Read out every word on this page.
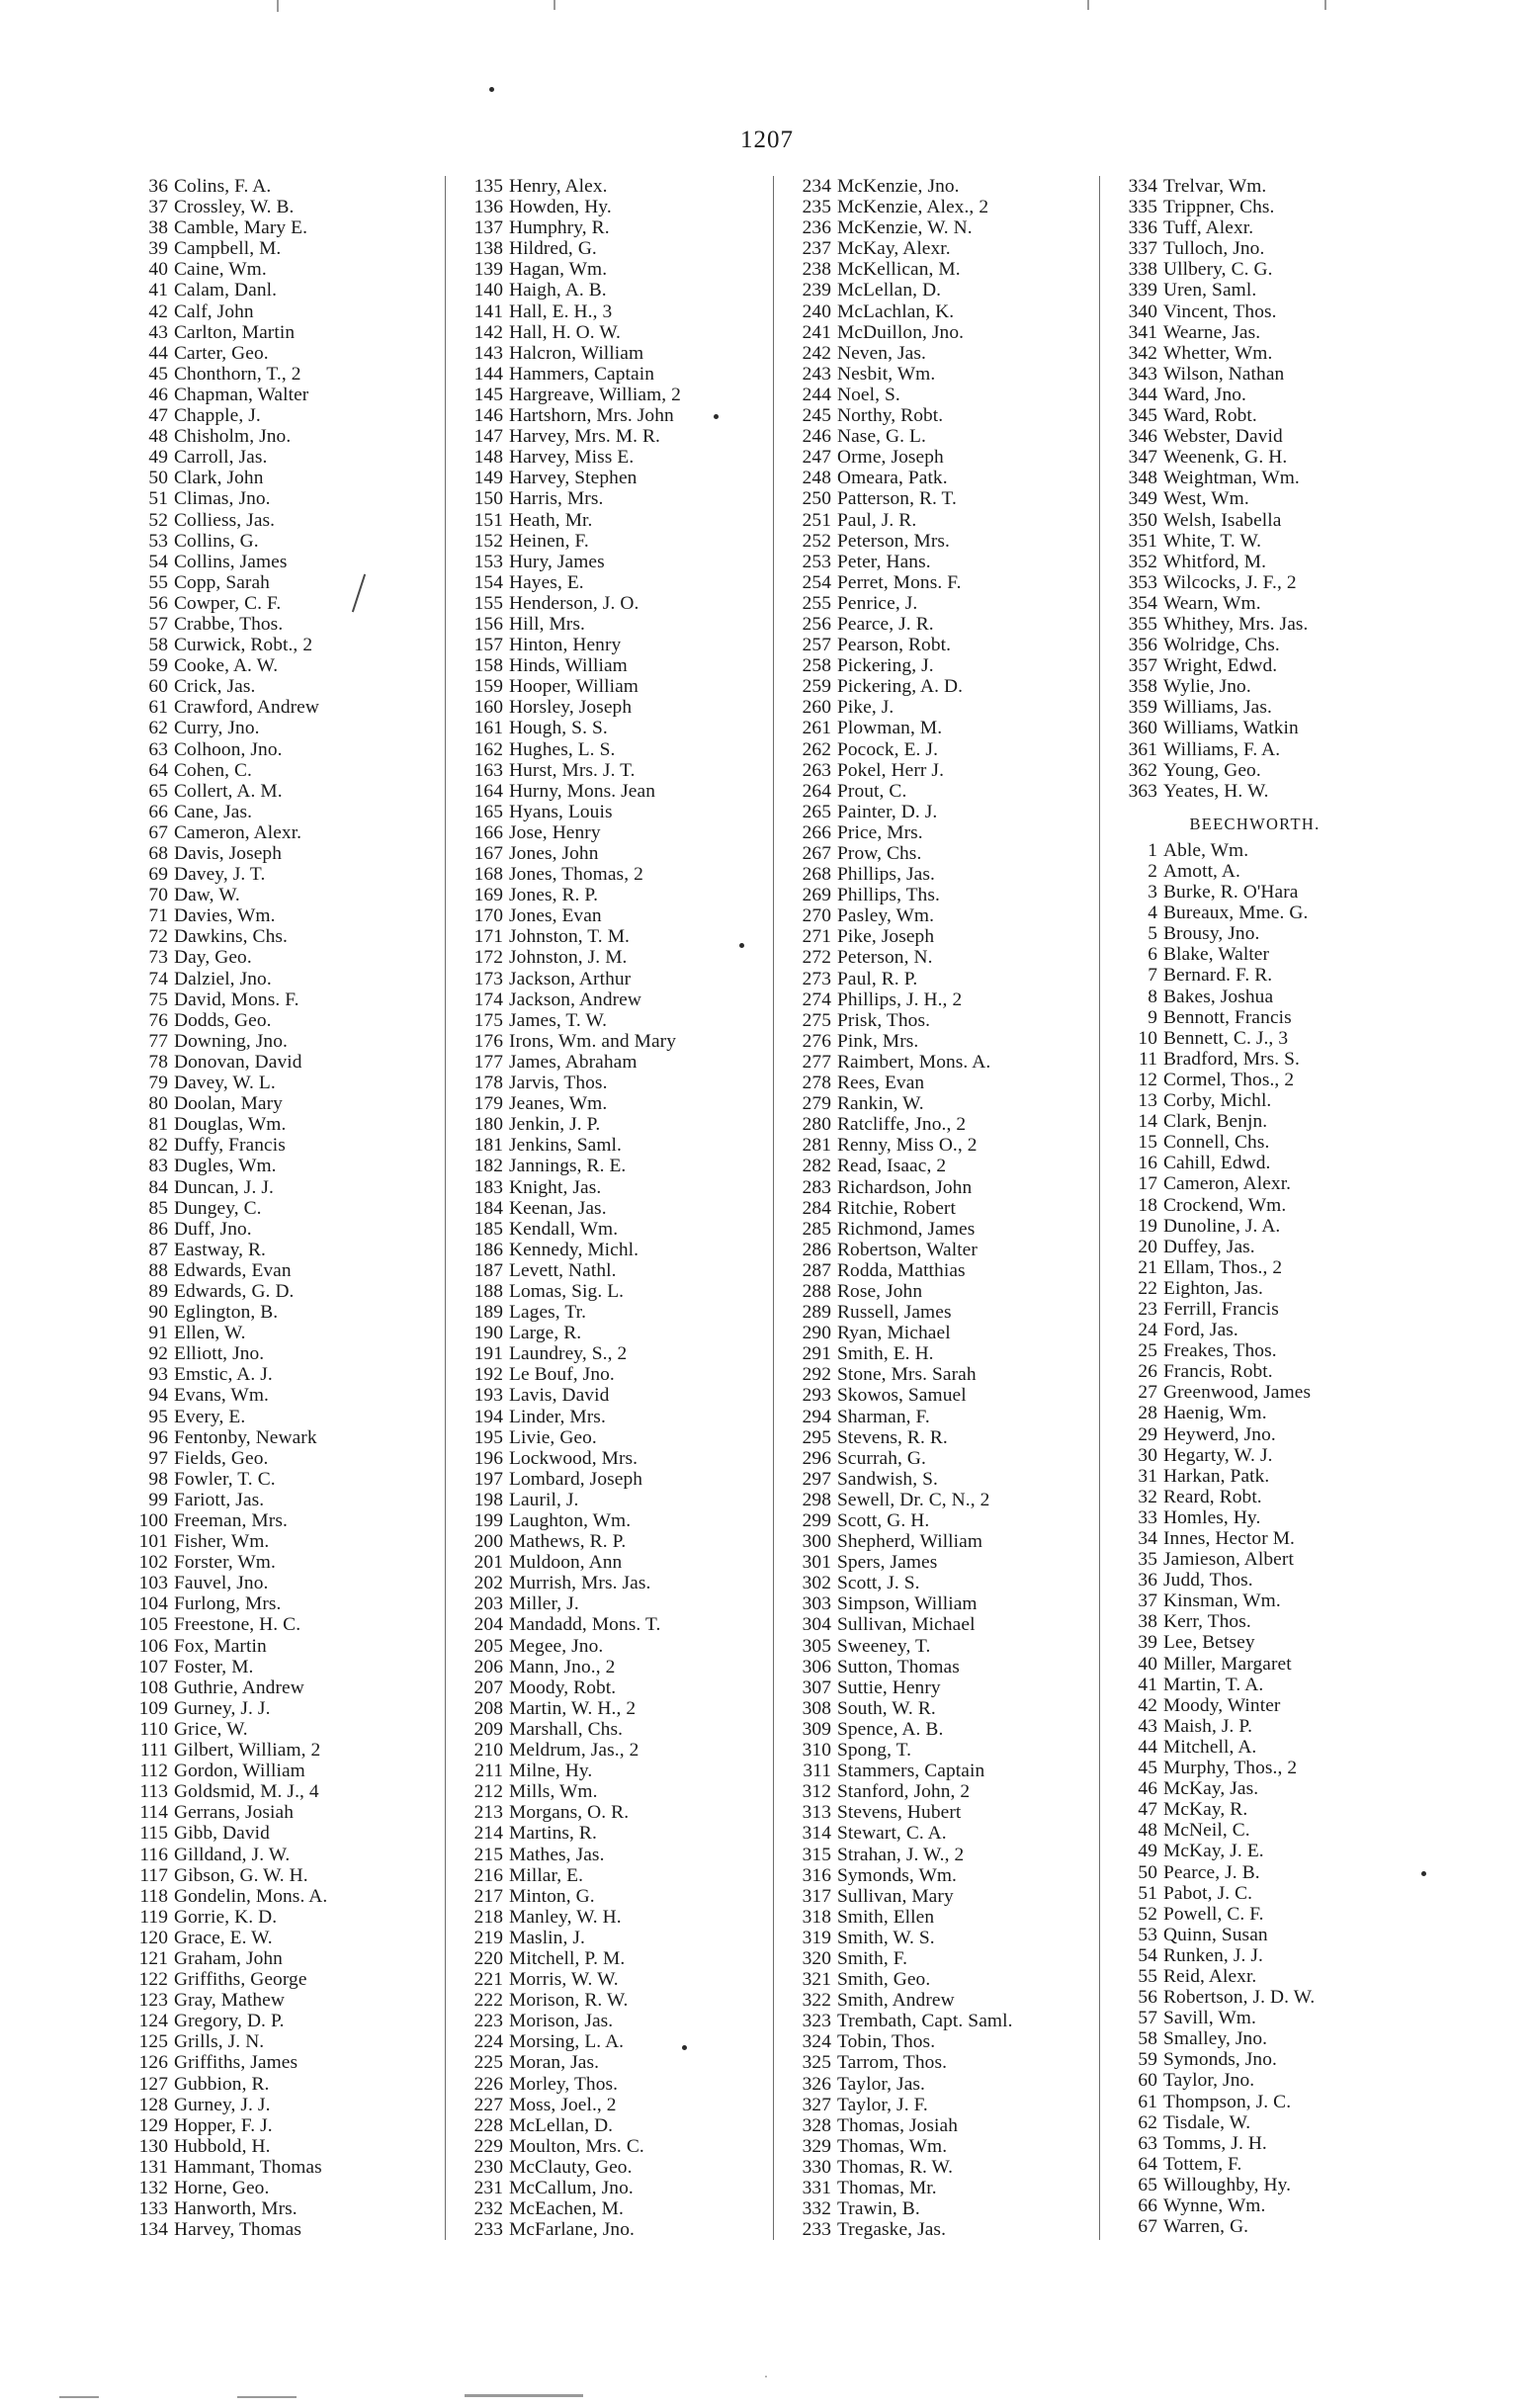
1207
36 Colins, F. A.
37 Crossley, W. B.
38 Camble, Mary E.
39 Campbell, M.
40 Caine, Wm.
41 Calam, Danl.
42 Calf, John
43 Carlton, Martin
44 Carter, Geo.
45 Chonthorn, T., 2
46 Chapman, Walter
47 Chapple, J.
48 Chisholm, Jno.
49 Carroll, Jas.
50 Clark, John
51 Climas, Jno.
52 Colliess, Jas.
53 Collins, G.
54 Collins, James
55 Copp, Sarah
56 Cowper, C. F.
57 Crabbe, Thos.
58 Curwick, Robt., 2
59 Cooke, A. W.
60 Crick, Jas.
61 Crawford, Andrew
62 Curry, Jno.
63 Colhoon, Jno.
64 Cohen, C.
65 Collert, A. M.
66 Cane, Jas.
67 Cameron, Alexr.
68 Davis, Joseph
69 Davey, J. T.
70 Daw, W.
71 Davies, Wm.
72 Dawkins, Chs.
73 Day, Geo.
74 Dalziel, Jno.
75 David, Mons. F.
76 Dodds, Geo.
77 Downing, Jno.
78 Donovan, David
79 Davey, W. L.
80 Doolan, Mary
81 Douglas, Wm.
82 Duffy, Francis
83 Dugles, Wm.
84 Duncan, J. J.
85 Dungey, C.
86 Duff, Jno.
87 Eastway, R.
88 Edwards, Evan
89 Edwards, G. D.
90 Eglington, B.
91 Ellen, W.
92 Elliott, Jno.
93 Emstic, A. J.
94 Evans, Wm.
95 Every, E.
96 Fentonby, Newark
97 Fields, Geo.
98 Fowler, T. C.
99 Fariott, Jas.
100 Freeman, Mrs.
101 Fisher, Wm.
102 Forster, Wm.
103 Fauvel, Jno.
104 Furlong, Mrs.
105 Freestone, H. C.
106 Fox, Martin
107 Foster, M.
108 Guthrie, Andrew
109 Gurney, J. J.
110 Grice, W.
111 Gilbert, William, 2
112 Gordon, William
113 Goldsmid, M. J., 4
114 Gerrans, Josiah
115 Gibb, David
116 Gilldand, J. W.
117 Gibson, G. W. H.
118 Gondelin, Mons. A.
119 Gorrie, K. D.
120 Grace, E. W.
121 Graham, John
122 Griffiths, George
123 Gray, Mathew
124 Gregory, D. P.
125 Grills, J. N.
126 Griffiths, James
127 Gubbion, R.
128 Gurney, J. J.
129 Hopper, F. J.
130 Hubbold, H.
131 Hammant, Thomas
132 Horne, Geo.
133 Hanworth, Mrs.
134 Harvey, Thomas
135 Henry, Alex.
136 Howden, Hy.
137 Humphry, R.
138 Hildred, G.
139 Hagan, Wm.
140 Haigh, A. B.
141 Hall, E. H., 3
142 Hall, H. O. W.
143 Halcron, William
144 Hammers, Captain
145 Hargreave, William, 2
146 Hartshorn, Mrs. John
147 Harvey, Mrs. M. R.
148 Harvey, Miss E.
149 Harvey, Stephen
150 Harris, Mrs.
151 Heath, Mr.
152 Heinen, F.
153 Hury, James
154 Hayes, E.
155 Henderson, J. O.
156 Hill, Mrs.
157 Hinton, Henry
158 Hinds, William
159 Hooper, William
160 Horsley, Joseph
161 Hough, S. S.
162 Hughes, L. S.
163 Hurst, Mrs. J. T.
164 Hurny, Mons. Jean
165 Hyans, Louis
166 Jose, Henry
167 Jones, John
168 Jones, Thomas, 2
169 Jones, R. P.
170 Jones, Evan
171 Johnston, T. M.
172 Johnston, J. M.
173 Jackson, Arthur
174 Jackson, Andrew
175 James, T. W.
176 Irons, Wm. and Mary
177 James, Abraham
178 Jarvis, Thos.
179 Jeanes, Wm.
180 Jenkin, J. P.
181 Jenkins, Saml.
182 Jannings, R. E.
183 Knight, Jas.
184 Keenan, Jas.
185 Kendall, Wm.
186 Kennedy, Michl.
187 Levett, Nathl.
188 Lomas, Sig. L.
189 Lages, Tr.
190 Large, R.
191 Laundrey, S., 2
192 Le Bouf, Jno.
193 Lavis, David
194 Linder, Mrs.
195 Livie, Geo.
196 Lockwood, Mrs.
197 Lombard, Joseph
198 Lauril, J.
199 Laughton, Wm.
200 Mathews, R. P.
201 Muldoon, Ann
202 Murrish, Mrs. Jas.
203 Miller, J.
204 Mandadd, Mons. T.
205 Megee, Jno.
206 Mann, Jno., 2
207 Moody, Robt.
208 Martin, W. H., 2
209 Marshall, Chs.
210 Meldrum, Jas., 2
211 Milne, Hy.
212 Mills, Wm.
213 Morgans, O. R.
214 Martins, R.
215 Mathes, Jas.
216 Millar, E.
217 Minton, G.
218 Manley, W. H.
219 Maslin, J.
220 Mitchell, P. M.
221 Morris, W. W.
222 Morison, R. W.
223 Morison, Jas.
224 Morsing, L. A.
225 Moran, Jas.
226 Morley, Thos.
227 Moss, Joel., 2
228 McLellan, D.
229 Moulton, Mrs. C.
230 McClauty, Geo.
231 McCallum, Jno.
232 McEachen, M.
233 McFarlane, Jno.
234 McKenzie, Jno.
235 McKenzie, Alex., 2
236 McKenzie, W. N.
237 McKay, Alexr.
238 McKellican, M.
239 McLellan, D.
240 McLachlan, K.
241 McDuillon, Jno.
242 Neven, Jas.
243 Nesbit, Wm.
244 Noel, S.
245 Northy, Robt.
246 Nase, G. L.
247 Orme, Joseph
248 Omeara, Patk.
250 Patterson, R. T.
251 Paul, J. R.
252 Peterson, Mrs.
253 Peter, Hans.
254 Perret, Mons. F.
255 Penrice, J.
256 Pearce, J. R.
257 Pearson, Robt.
258 Pickering, J.
259 Pickering, A. D.
260 Pike, J.
261 Plowman, M.
262 Pocock, E. J.
263 Pokel, Herr J.
264 Prout, C.
265 Painter, D. J.
266 Price, Mrs.
267 Prow, Chs.
268 Phillips, Jas.
269 Phillips, Ths.
270 Pasley, Wm.
271 Pike, Joseph
272 Peterson, N.
273 Paul, R. P.
274 Phillips, J. H., 2
275 Prisk, Thos.
276 Pink, Mrs.
277 Raimbert, Mons. A.
278 Rees, Evan
279 Rankin, W.
280 Ratcliffe, Jno., 2
281 Renny, Miss O., 2
282 Read, Isaac, 2
283 Richardson, John
284 Ritchie, Robert
285 Richmond, James
286 Robertson, Walter
287 Rodda, Matthias
288 Rose, John
289 Russell, James
290 Ryan, Michael
291 Smith, E. H.
292 Stone, Mrs. Sarah
293 Skowos, Samuel
294 Sharman, F.
295 Stevens, R. R.
296 Scurrah, G.
297 Sandwish, S.
298 Sewell, Dr. C, N., 2
299 Scott, G. H.
300 Shepherd, William
301 Spers, James
302 Scott, J. S.
303 Simpson, William
304 Sullivan, Michael
305 Sweeney, T.
306 Sutton, Thomas
307 Suttie, Henry
308 South, W. R.
309 Spence, A. B.
310 Spong, T.
311 Stammers, Captain
312 Stanford, John, 2
313 Stevens, Hubert
314 Stewart, C. A.
315 Strahan, J. W., 2
316 Symonds, Wm.
317 Sullivan, Mary
318 Smith, Ellen
319 Smith, W. S.
320 Smith, F.
321 Smith, Geo.
322 Smith, Andrew
323 Trembath, Capt. Saml.
324 Tobin, Thos.
325 Tarrom, Thos.
326 Taylor, Jas.
327 Taylor, J. F.
328 Thomas, Josiah
329 Thomas, Wm.
330 Thomas, R. W.
331 Thomas, Mr.
332 Trawin, B.
233 Tregaske, Jas.
334 Trelvar, Wm.
335 Trippner, Chs.
336 Tuff, Alexr.
337 Tulloch, Jno.
338 Ullbery, C. G.
339 Uren, Saml.
340 Vincent, Thos.
341 Wearne, Jas.
342 Whetter, Wm.
343 Wilson, Nathan
344 Ward, Jno.
345 Ward, Robt.
346 Webster, David
347 Weenenk, G. H.
348 Weightman, Wm.
349 West, Wm.
350 Welsh, Isabella
351 White, T. W.
352 Whitford, M.
353 Wilcocks, J. F., 2
354 Wearn, Wm.
355 Whithey, Mrs. Jas.
356 Wolridge, Chs.
357 Wright, Edwd.
358 Wylie, Jno.
359 Williams, Jas.
360 Williams, Watkin
361 Williams, F. A.
362 Young, Geo.
363 Yeates, H. W.
BEECHWORTH.
1 Able, Wm.
2 Amott, A.
3 Burke, R. O'Hara
4 Bureaux, Mme. G.
5 Brousy, Jno.
6 Blake, Walter
7 Bernard. F. R.
8 Bakes, Joshua
9 Bennott, Francis
10 Bennett, C. J., 3
11 Bradford, Mrs. S.
12 Cormel, Thos., 2
13 Corby, Michl.
14 Clark, Benjn.
15 Connell, Chs.
16 Cahill, Edwd.
17 Cameron, Alexr.
18 Crockend, Wm.
19 Dunoline, J. A.
20 Duffey, Jas.
21 Ellam, Thos., 2
22 Eighton, Jas.
23 Ferrill, Francis
24 Ford, Jas.
25 Freakes, Thos.
26 Francis, Robt.
27 Greenwood, James
28 Haenig, Wm.
29 Heywerd, Jno.
30 Hegarty, W. J.
31 Harkan, Patk.
32 Reard, Robt.
33 Homles, Hy.
34 Innes, Hector M.
35 Jamieson, Albert
36 Judd, Thos.
37 Kinsman, Wm.
38 Kerr, Thos.
39 Lee, Betsey
40 Miller, Margaret
41 Martin, T. A.
42 Moody, Winter
43 Maish, J. P.
44 Mitchell, A.
45 Murphy, Thos., 2
46 McKay, Jas.
47 McKay, R.
48 McNeil, C.
49 McKay, J. E.
50 Pearce, J. B.
51 Pabot, J. C.
52 Powell, C. F.
53 Quinn, Susan
54 Runken, J. J.
55 Reid, Alexr.
56 Robertson, J. D. W.
57 Savill, Wm.
58 Smalley, Jno.
59 Symonds, Jno.
60 Taylor, Jno.
61 Thompson, J. C.
62 Tisdale, W.
63 Tomms, J. H.
64 Tottem, F.
65 Willoughby, Hy.
66 Wynne, Wm.
67 Warren, G.
.
